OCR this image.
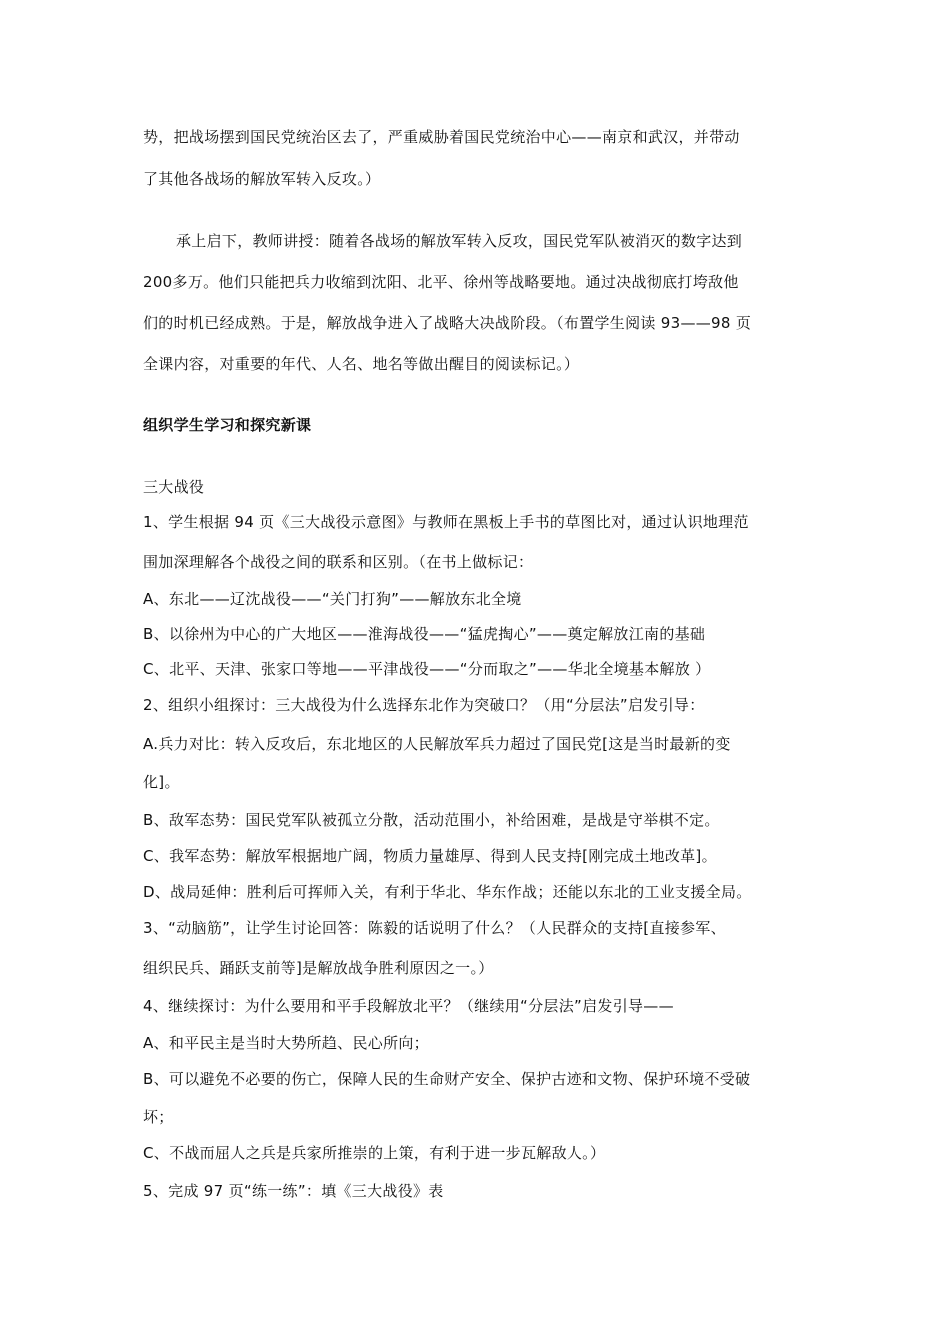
势，把战场摆到国民党统治区去了，严重威胁着国民党统治中心——南京和武汉，并带动
了其他各战场的解放军转入反攻。）
承上启下，教师讲授：随着各战场的解放军转入反攻，国民党军队被消灭的数字达到
200多万。他们只能把兵力收缩到沈阳、北平、徐州等战略要地。通过决战彻底打垮敌他
们的时机已经成熟。于是，解放战争进入了战略大决战阶段。（布置学生阅读 93——98 页
全课内容，对重要的年代、人名、地名等做出醒目的阅读标记。）
组织学生学习和探究新课
三大战役
1、学生根据 94 页《三大战役示意图》与教师在黑板上手书的草图比对，通过认识地理范
围加深理解各个战役之间的联系和区别。（在书上做标记：
A、东北——辽沈战役——“关门打狗”——解放东北全境
B、以徐州为中心的广大地区——淮海战役——“猛虎掏心”——奠定解放江南的基础
C、北平、天津、张家口等地——平津战役——“分而取之”——华北全境基本解放 ）
2、组织小组探讨：三大战役为什么选择东北作为突破口？（用“分层法”启发引导：
A.兵力对比：转入反攻后，东北地区的人民解放军兵力超过了国民党[这是当时最新的变
化]。
B、敌军态势：国民党军队被孤立分散，活动范围小，补给困难，是战是守举棋不定。
C、我军态势：解放军根据地广阔，物质力量雄厚、得到人民支持[刚完成土地改革]。
D、战局延伸：胜利后可挥师入关，有利于华北、华东作战；还能以东北的工业支援全局。
3、“动脑筋”，让学生讨论回答：陈毅的话说明了什么？（人民群众的支持[直接参军、
组织民兵、踊跃支前等]是解放战争胜利原因之一。）
4、继续探讨：为什么要用和平手段解放北平？（继续用“分层法”启发引导——
A、和平民主是当时大势所趋、民心所向；
B、可以避免不必要的伤亡，保障人民的生命财产安全、保护古迹和文物、保护环境不受破
坏；
C、不战而屈人之兵是兵家所推崇的上策，有利于进一步瓦解敌人。）
5、完成 97 页“练一练”：填《三大战役》表
